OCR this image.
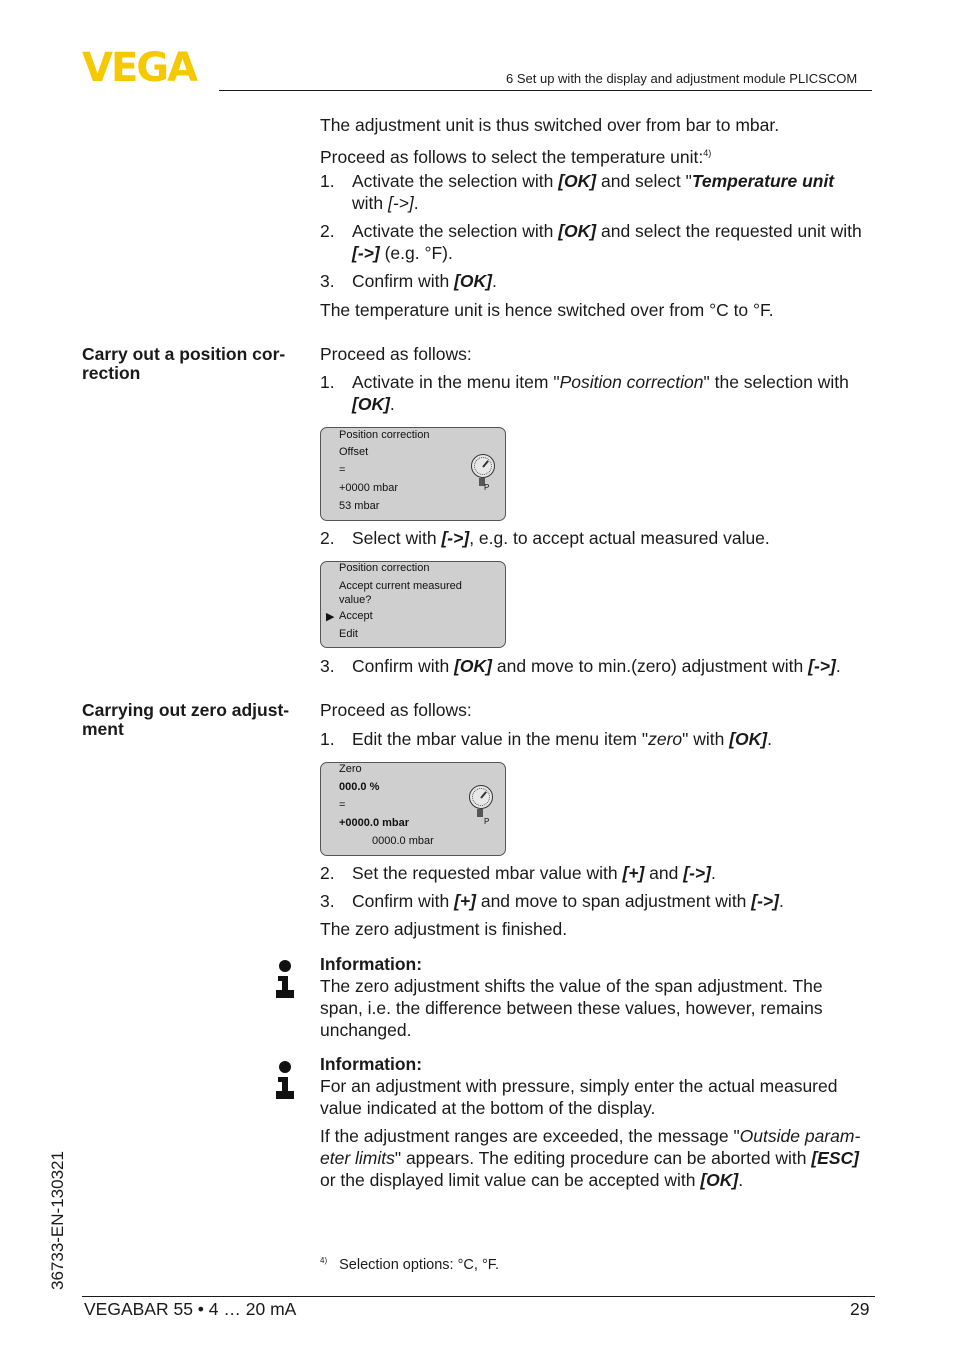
VEGA	6 Set up with the display and adjustment module PLICSCOM

The adjustment unit is thus switched over from bar to mbar.

Proceed as follows to select the temperature unit:$^{4)}$

1. Activate the selection with [OK] and select "Temperature unit
with [->].
2. Activate the selection with [OK] and select the requested unit with
[->] (e.g. °F).
3. Confirm with [OK].

The temperature unit is hence switched over from °C to °F.

Carry out a position cor-
rection

Proceed as follows:

1. Activate in the menu item "Position correction" the selection with
[OK].
Position correction
Offset
=
+0000 mbar
53 mbar
P
2. Select with [->], e.g. to accept actual measured value.
Position correction
Accept current measured
value?
▶ Accept
Edit
3. Confirm with [OK] and move to min.(zero) adjustment with [->].
Carrying out zero adjust-
ment

Proceed as follows:

1. Edit the mbar value in the menu item "zero" with [OK].
Zero
000.0 %
=
+0000.0 mbar
0000.0 mbar
P
2. Set the requested mbar value with [+] and [->].
3. Confirm with [+] and move to span adjustment with [->].

The zero adjustment is finished.

Information:
The zero adjustment shifts the value of the span adjustment. The
span, i.e. the difference between these values, however, remains
unchanged.
Information:
For an adjustment with pressure, simply enter the actual measured
value indicated at the bottom of the display.
If the adjustment ranges are exceeded, the message "Outside param-
eter limits" appears. The editing procedure can be aborted with [ESC]
or the displayed limit value can be accepted with [OK].
$^{4)}$ Selection options: °C, °F.
36733-EN-130321
VEGABAR 55 • 4 … 20 mA	29
